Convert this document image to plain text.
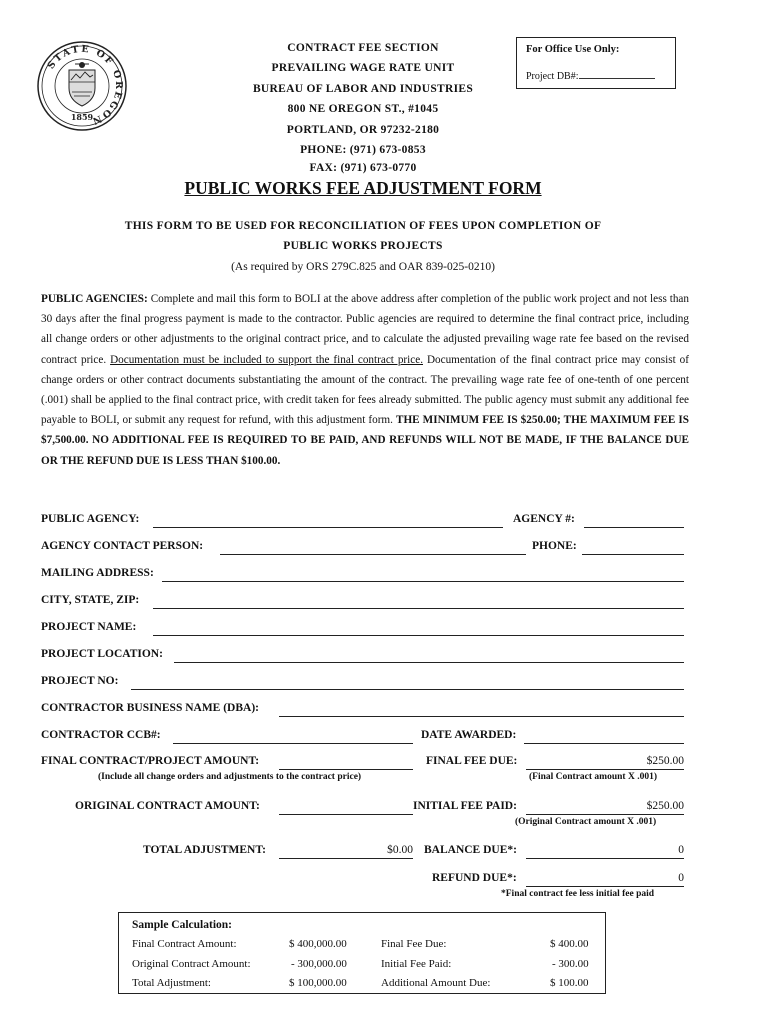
STATE OF OREGON
1859
CONTRACT FEE SECTION
PREVAILING WAGE RATE UNIT
BUREAU OF LABOR AND INDUSTRIES
800 NE OREGON ST., #1045
PORTLAND, OR 97232-2180
PHONE: (971) 673-0853
FAX: (971) 673-0770
For Office Use Only:
Project DB#:
PUBLIC WORKS FEE ADJUSTMENT FORM
THIS FORM TO BE USED FOR RECONCILIATION OF FEES UPON COMPLETION OF
PUBLIC WORKS PROJECTS
(As required by ORS 279C.825 and OAR 839-025-0210)
PUBLIC AGENCIES: Complete and mail this form to BOLI at the above address after completion of the public work project and not less than 30 days after the final progress payment is made to the contractor. Public agencies are required to determine the final contract price, including all change orders or other adjustments to the original contract price, and to calculate the adjusted prevailing wage rate fee based on the revised contract price. Documentation must be included to support the final contract price. Documentation of the final contract price may consist of change orders or other contract documents substantiating the amount of the contract. The prevailing wage rate fee of one-tenth of one percent (.001) shall be applied to the final contract price, with credit taken for fees already submitted. The public agency must submit any additional fee payable to BOLI, or submit any request for refund, with this adjustment form. THE MINIMUM FEE IS $250.00; THE MAXIMUM FEE IS $7,500.00. NO ADDITIONAL FEE IS REQUIRED TO BE PAID, AND REFUNDS WILL NOT BE MADE, IF THE BALANCE DUE OR THE REFUND DUE IS LESS THAN $100.00.
PUBLIC AGENCY:	AGENCY #:
AGENCY CONTACT PERSON:	PHONE:
MAILING ADDRESS:
CITY, STATE, ZIP:
PROJECT NAME:
PROJECT LOCATION:
PROJECT NO:
CONTRACTOR BUSINESS NAME (DBA):
CONTRACTOR CCB#:	DATE AWARDED:
FINAL CONTRACT/PROJECT AMOUNT:
(Include all change orders and adjustments to the contract price)
FINAL FEE DUE:	$250.00
(Final Contract amount X .001)
ORIGINAL CONTRACT AMOUNT:	INITIAL FEE PAID:	$250.00
(Original Contract amount X .001)
TOTAL ADJUSTMENT:	$0.00 BALANCE DUE*:	0
REFUND DUE*:	0
*Final contract fee less initial fee paid
Sample Calculation:
Final Contract Amount:	$ 400,000.00	Final Fee Due:	$ 400.00
Original Contract Amount:	- 300,000.00	Initial Fee Paid:	- 300.00
Total Adjustment:	$ 100,000.00	Additional Amount Due:	$ 100.00
